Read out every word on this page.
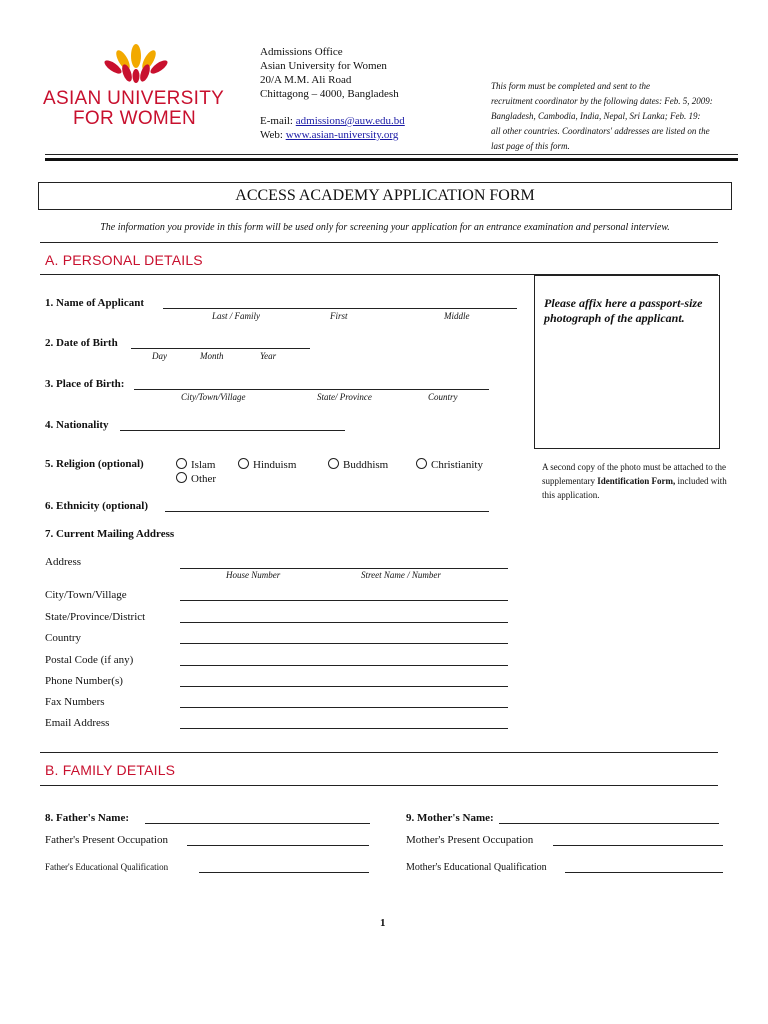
ASIAN UNIVERSITY
FOR WOMEN
Admissions Office
Asian University for Women
20/A M.M. Ali Road
Chittagong – 4000, Bangladesh
E-mail: admissions@auw.edu.bd
Web: www.asian-university.org
This form must be completed and sent to the
recruitment coordinator by the following dates: Feb. 5, 2009:
Bangladesh, Cambodia, India, Nepal, Sri Lanka; Feb. 19:
all other countries. Coordinators' addresses are listed on the
last page of this form.
ACCESS ACADEMY APPLICATION FORM
The information you provide in this form will be used only for screening your application for an entrance examination and personal interview.
A. PERSONAL DETAILS
1. Name of Applicant
Last / Family	First	Middle
2. Date of Birth
Day	Month	Year
3. Place of Birth:
City/Town/Village	State/ Province	Country
4. Nationality
5. Religion (optional)	Islam	Hinduism	Buddhism	Christianity
Other
6. Ethnicity (optional)
Please affix here a passport-size photograph of the applicant.
A second copy of the photo must be attached to the supplementary Identification Form, included with this application.
7. Current Mailing Address
Address
House Number	Street Name / Number
City/Town/Village
State/Province/District
Country
Postal Code (if any)
Phone Number(s)
Fax Numbers
Email Address
B. FAMILY DETAILS
8. Father's Name:
Father's Present Occupation
Father's Educational Qualification
9. Mother's Name:
Mother's Present Occupation
Mother's Educational Qualification
1
